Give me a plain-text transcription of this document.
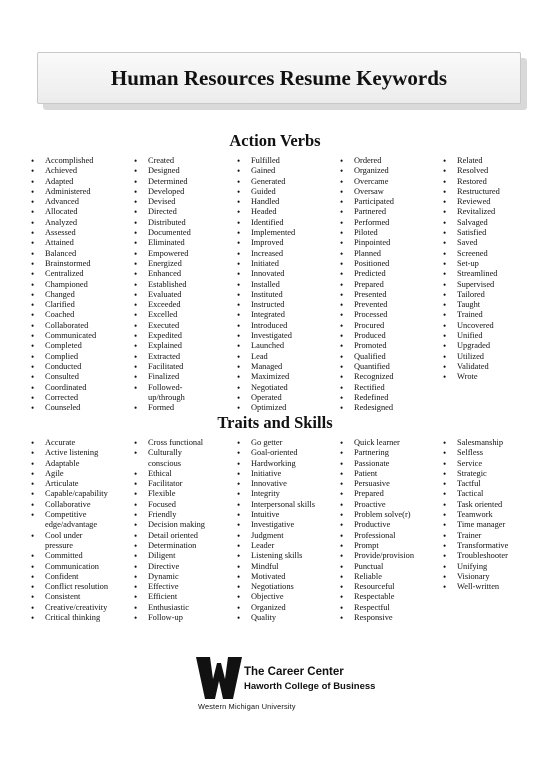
Human Resources Resume Keywords
Action Verbs
• Accomplished
• Achieved
• Adapted
• Administered
• Advanced
• Allocated
• Analyzed
• Assessed
• Attained
• Balanced
• Brainstormed
• Centralized
• Championed
• Changed
• Clarified
• Coached
• Collaborated
• Communicated
• Completed
• Complied
• Conducted
• Consulted
• Coordinated
• Corrected
• Counseled
• Created
• Designed
• Determined
• Developed
• Devised
• Directed
• Distributed
• Documented
• Eliminated
• Empowered
• Energized
• Enhanced
• Established
• Evaluated
• Exceeded
• Excelled
• Executed
• Expedited
• Explained
• Extracted
• Facilitated
• Finalized
• Followed-
up/through
• Formed
• Fulfilled
• Gained
• Generated
• Guided
• Handled
• Headed
• Identified
• Implemented
• Improved
• Increased
• Initiated
• Innovated
• Installed
• Instituted
• Instructed
• Integrated
• Introduced
• Investigated
• Launched
• Lead
• Managed
• Maximized
• Negotiated
• Operated
• Optimized
• Ordered
• Organized
• Overcame
• Oversaw
• Participated
• Partnered
• Performed
• Piloted
• Pinpointed
• Planned
• Positioned
• Predicted
• Prepared
• Presented
• Prevented
• Processed
• Procured
• Produced
• Promoted
• Qualified
• Quantified
• Recognized
• Rectified
• Redefined
• Redesigned
• Related
• Resolved
• Restored
• Restructured
• Reviewed
• Revitalized
• Salvaged
• Satisfied
• Saved
• Screened
• Set-up
• Streamlined
• Supervised
• Tailored
• Taught
• Trained
• Uncovered
• Unified
• Upgraded
• Utilized
• Validated
• Wrote
Traits and Skills
• Accurate
• Active listening
• Adaptable
• Agile
• Articulate
• Capable/capability
• Collaborative
• Competitive
edge/advantage
• Cool under
pressure
• Committed
• Communication
• Confident
• Conflict resolution
• Consistent
• Creative/creativity
• Critical thinking
• Cross functional
• Culturally
conscious
• Ethical
• Facilitator
• Flexible
• Focused
• Friendly
• Decision making
• Detail oriented
• Determination
• Diligent
• Directive
• Dynamic
• Effective
• Efficient
• Enthusiastic
• Follow-up
• Go getter
• Goal-oriented
• Hardworking
• Initiative
• Innovative
• Integrity
• Interpersonal skills
• Intuitive
• Investigative
• Judgment
• Leader
• Listening skills
• Mindful
• Motivated
• Negotiations
• Objective
• Organized
• Quality
• Quick learner
• Partnering
• Passionate
• Patient
• Persuasive
• Prepared
• Proactive
• Problem solve(r)
• Productive
• Professional
• Prompt
• Provide/provision
• Punctual
• Reliable
• Resourceful
• Respectable
• Respectful
• Responsive
• Salesmanship
• Selfless
• Service
• Strategic
• Tactful
• Tactical
• Task oriented
• Teamwork
• Time manager
• Trainer
• Transformative
• Troubleshooter
• Unifying
• Visionary
• Well-written
The Career Center
Haworth College of Business
Western Michigan University
